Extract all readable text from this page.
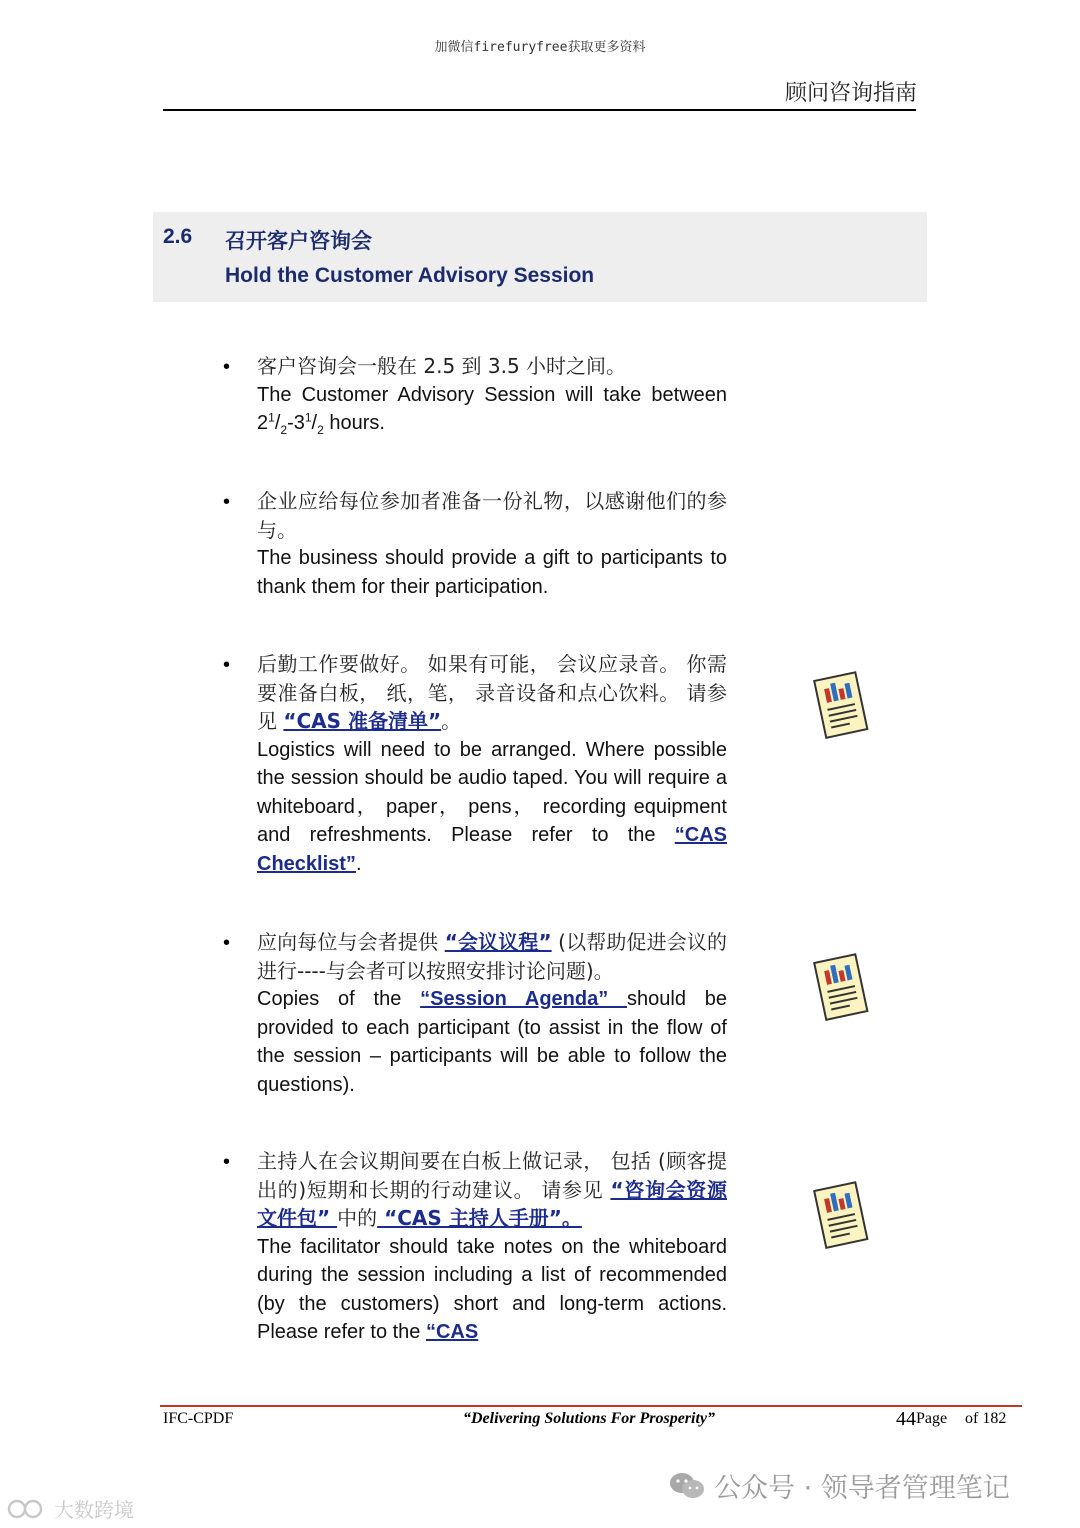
加微信firefuryfree获取更多资料
顾问咨询指南
2.6 召开客户咨询会
Hold the Customer Advisory Session
• 客户咨询会一般在 2.5 到 3.5 小时之间。
The Customer Advisory Session will take between $2^1/_2-3^1/_2$ hours.
• 企业应给每位参加者准备一份礼物，以感谢他们的参与。
The business should provide a gift to participants to thank them for their participation.
• 后勤工作要做好。 如果有可能， 会议应录音。 你需要准备白板， 纸，笔， 录音设备和点心饮料。 请参见 “CAS 准备清单”。
Logistics will need to be arranged. Where possible the session should be audio taped. You will require a whiteboard， paper， pens， recording equipment and refreshments. Please refer to the “CAS Checklist”.
• 应向每位与会者提供 “会议议程” (以帮助促进会议的进行----与会者可以按照安排讨论问题)。
Copies of the “Session Agenda” should be provided to each participant (to assist in the flow of the session – participants will be able to follow the questions).
• 主持人在会议期间要在白板上做记录， 包括 (顾客提出的)短期和长期的行动建议。 请参见 “咨询会资源文件包” 中的 “CAS 主持人手册”。
The facilitator should take notes on the whiteboard during the session including a list of recommended (by the customers) short and long-term actions. Please refer to the “CAS
IFC-CPDF	“Delivering Solutions For Prosperity”	44 Page of 182
公众号 · 领导者管理笔记
大数跨境
